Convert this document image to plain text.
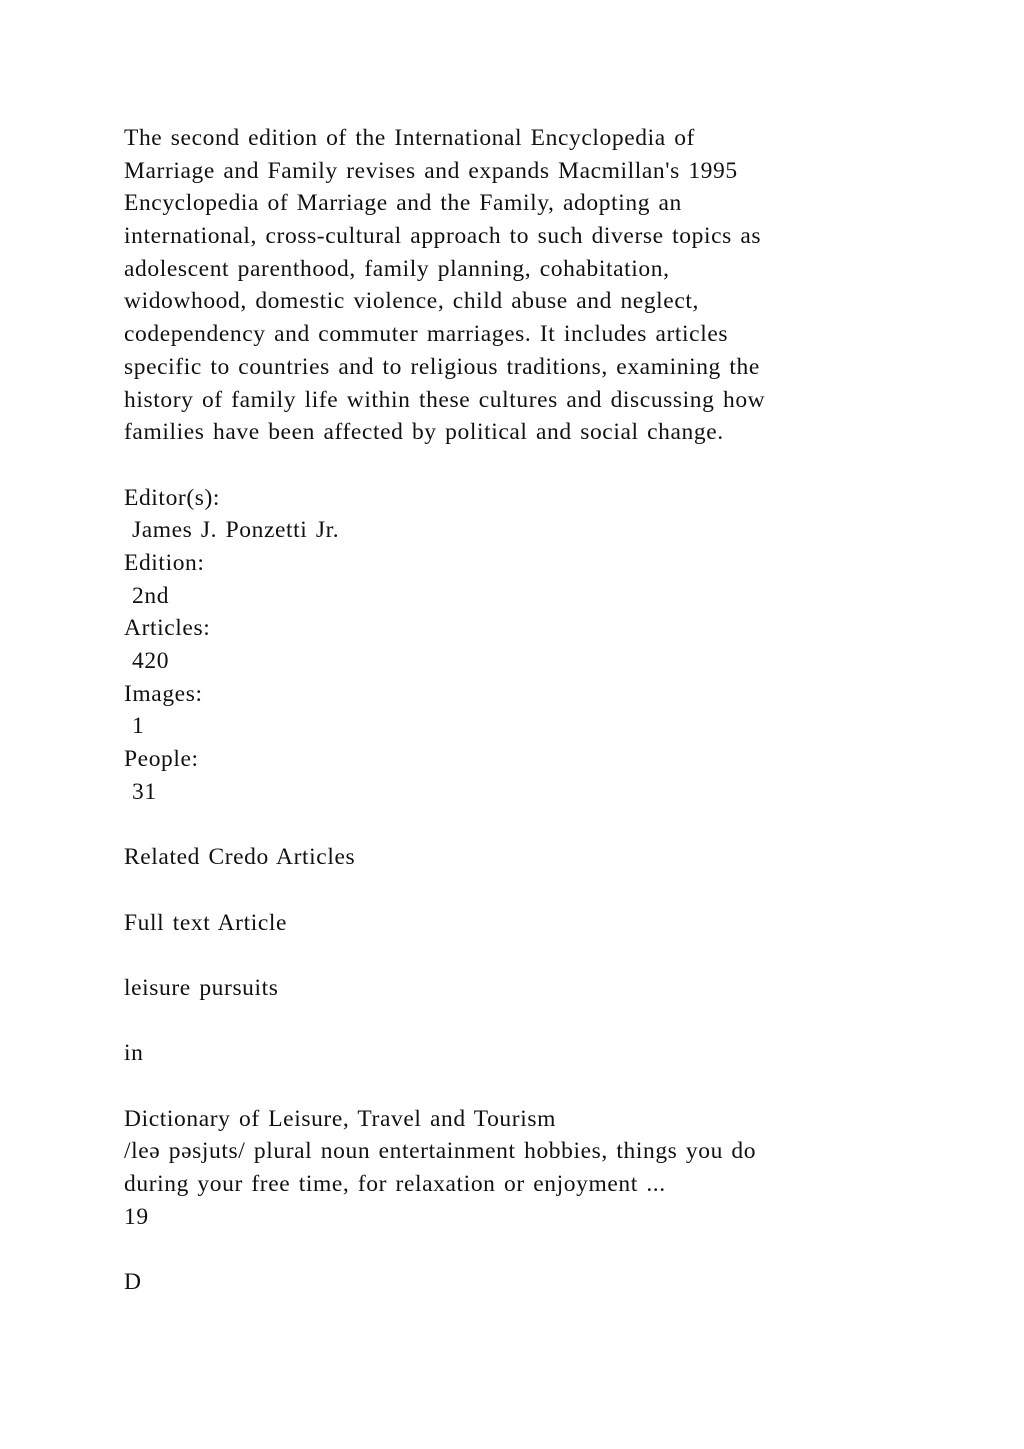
The second edition of the International Encyclopedia of
Marriage and Family revises and expands Macmillan's 1995
Encyclopedia of Marriage and the Family, adopting an
international, cross-cultural approach to such diverse topics as
adolescent parenthood, family planning, cohabitation,
widowhood, domestic violence, child abuse and neglect,
codependency and commuter marriages. It includes articles
specific to countries and to religious traditions, examining the
history of family life within these cultures and discussing how
families have been affected by political and social change.
Editor(s):
James J. Ponzetti Jr.
Edition:
2nd
Articles:
420
Images:
1
People:
31
Related Credo Articles
Full text Article
leisure pursuits
in
Dictionary of Leisure, Travel and Tourism
/leə pəsjuts/ plural noun entertainment hobbies, things you do
during your free time, for relaxation or enjoyment ...
19
D
